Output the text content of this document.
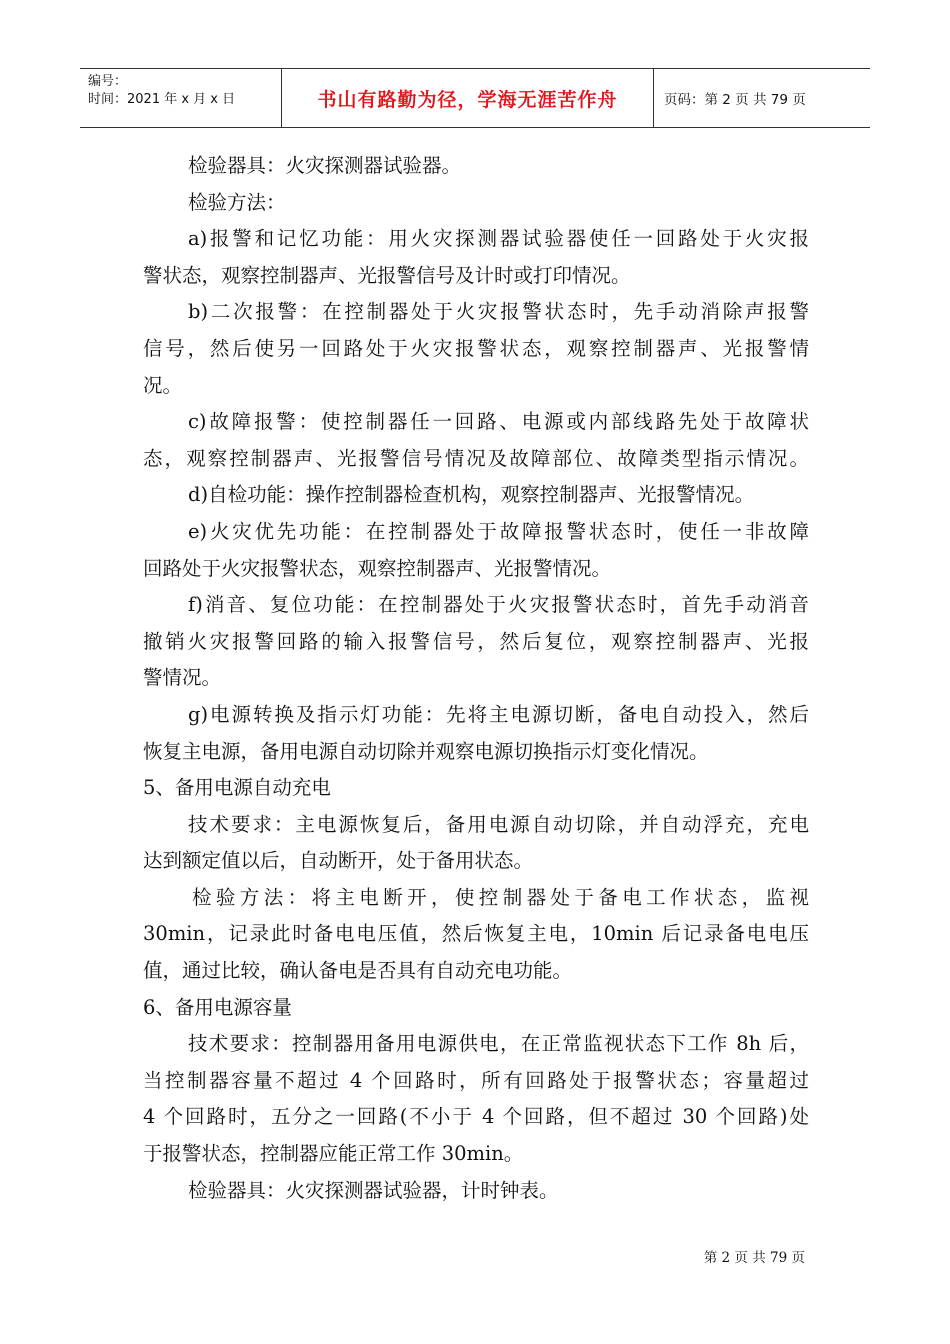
编号：
时间：2021 年 x 月 x 日	书山有路勤为径，学海无涯苦作舟	页码：第 2 页 共 79 页
检验器具：火灾探测器试验器。
检验方法：
a)报警和记忆功能：用火灾探测器试验器使任一回路处于火灾报
警状态，观察控制器声、光报警信号及计时或打印情况。
b)二次报警：在控制器处于火灾报警状态时，先手动消除声报警
信号，然后使另一回路处于火灾报警状态，观察控制器声、光报警情
况。
c)故障报警：使控制器任一回路、电源或内部线路先处于故障状
态，观察控制器声、光报警信号情况及故障部位、故障类型指示情况。
d)自检功能：操作控制器检查机构，观察控制器声、光报警情况。
e)火灾优先功能：在控制器处于故障报警状态时，使任一非故障
回路处于火灾报警状态，观察控制器声、光报警情况。
f)消音、复位功能：在控制器处于火灾报警状态时，首先手动消音
撤销火灾报警回路的输入报警信号，然后复位，观察控制器声、光报
警情况。
g)电源转换及指示灯功能：先将主电源切断，备电自动投入，然后
恢复主电源，备用电源自动切除并观察电源切换指示灯变化情况。
5、备用电源自动充电
技术要求：主电源恢复后，备用电源自动切除，并自动浮充，充电
达到额定值以后，自动断开，处于备用状态。
检验方法：将主电断开，使控制器处于备电工作状态，监视
30min，记录此时备电电压值，然后恢复主电，10min 后记录备电电压
值，通过比较，确认备电是否具有自动充电功能。
6、备用电源容量
技术要求：控制器用备用电源供电，在正常监视状态下工作 8h 后，
当控制器容量不超过 4 个回路时，所有回路处于报警状态；容量超过
4 个回路时，五分之一回路(不小于 4 个回路，但不超过 30 个回路)处
于报警状态，控制器应能正常工作 30min。
检验器具：火灾探测器试验器，计时钟表。
第 2 页 共 79 页
